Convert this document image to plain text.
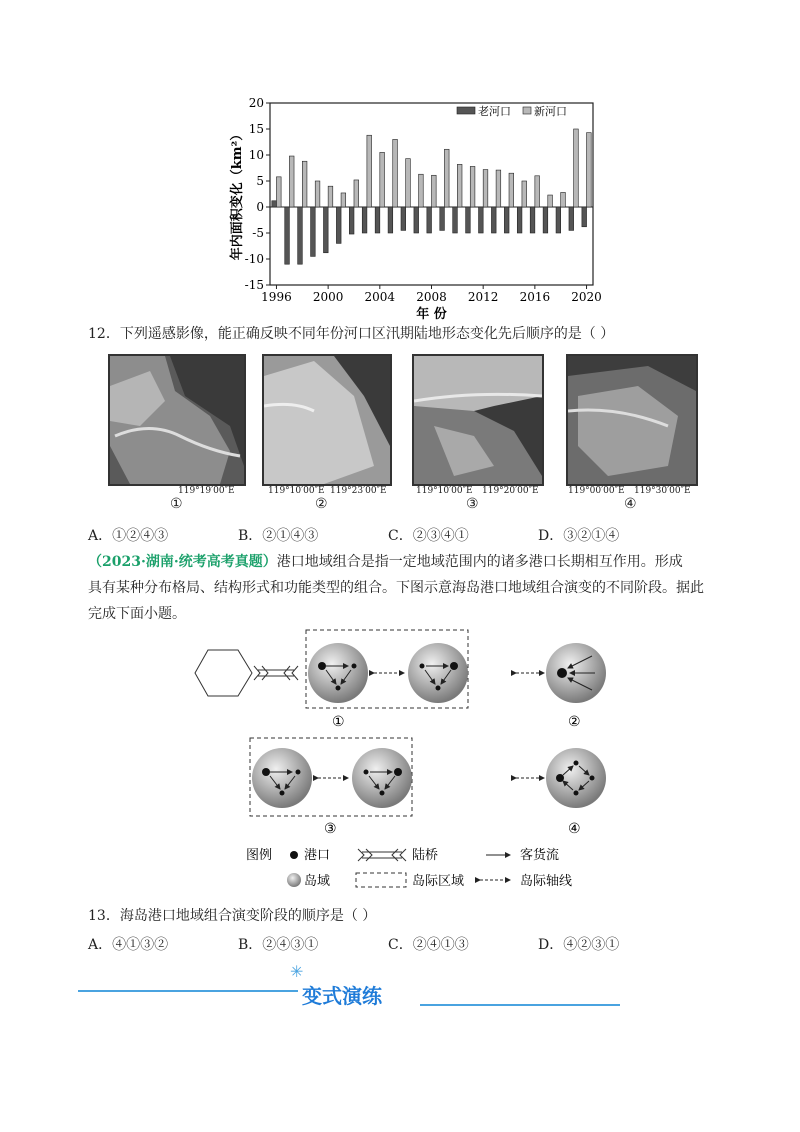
20
15
10
5
0
-5
-10
-15
1996 2000 2004 2008 2012 2016 2020
年 份
年内面积变化（km²）
老河口 新河口
12．下列遥感影像，能正确反映不同年份河口区汛期陆地形态变化先后顺序的是（ ）
119°19′00″E
①
119°10′00″E 119°23′00″E
②
119°10′00″E 119°20′00″E
③
119°00′00″E 119°30′00″E
④
A．①②④③	B．②①④③	C．②③④①	D．③②①④
（2023·湖南·统考高考真题）港口地域组合是指一定地域范围内的诸多港口长期相互作用。形成
具有某种分布格局、结构形式和功能类型的组合。下图示意海岛港口地域组合演变的不同阶段。据此
完成下面小题。
①	②
③	④
图例 港口	陆桥	客货流
岛域	岛际区域	岛际轴线
13．海岛港口地域组合演变阶段的顺序是（ ）
A．④①③②	B．②④③①	C．②④①③	D．④②③①
✳
变式演练
